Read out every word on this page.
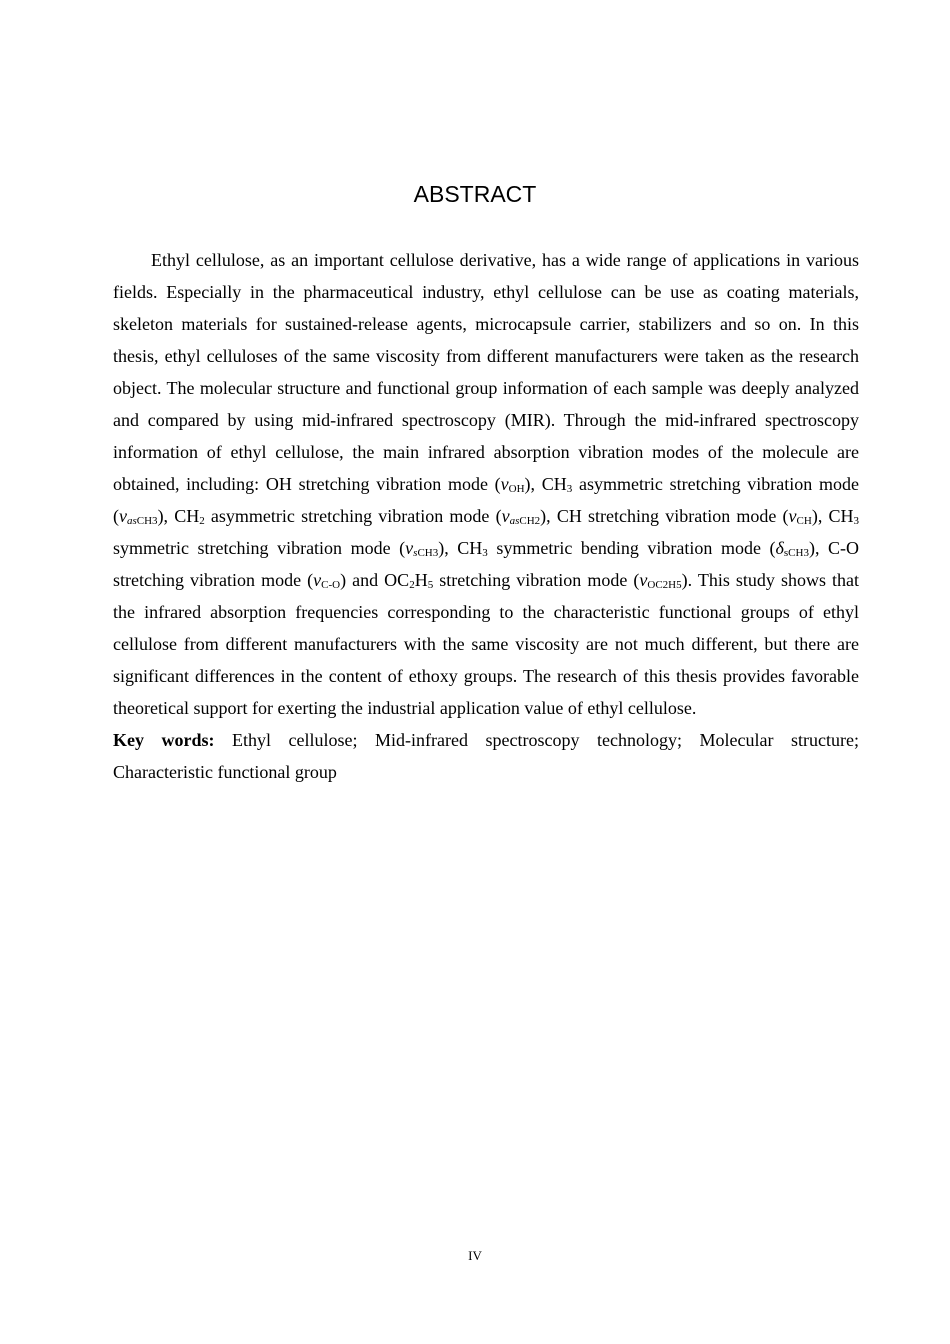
ABSTRACT

Ethyl cellulose, as an important cellulose derivative, has a wide range of applications in various fields. Especially in the pharmaceutical industry, ethyl cellulose can be use as coating materials, skeleton materials for sustained-release agents, microcapsule carrier, stabilizers and so on. In this thesis, ethyl celluloses of the same viscosity from different manufacturers were taken as the research object. The molecular structure and functional group information of each sample was deeply analyzed and compared by using mid-infrared spectroscopy (MIR). Through the mid-infrared spectroscopy information of ethyl cellulose, the main infrared absorption vibration modes of the molecule are obtained, including: OH stretching vibration mode $(v_{OH})$, $CH_3$ asymmetric stretching vibration mode $(v_{asCH3})$, $CH_2$ asymmetric stretching vibration mode $(v_{asCH2})$, CH stretching vibration mode $(v_{CH})$, $CH_3$ symmetric stretching vibration mode $(v_{sCH3})$, $CH_3$ symmetric bending vibration mode $(\delta_{sCH3})$, C-O stretching vibration mode $(v_{C-O})$ and $OC_2H_5$ stretching vibration mode $(v_{OC2H5})$. This study shows that the infrared absorption frequencies corresponding to the characteristic functional groups of ethyl cellulose from different manufacturers with the same viscosity are not much different, but there are significant differences in the content of ethoxy groups. The research of this thesis provides favorable theoretical support for exerting the industrial application value of ethyl cellulose.

Key words: Ethyl cellulose; Mid-infrared spectroscopy technology; Molecular structure; Characteristic functional group

IV
